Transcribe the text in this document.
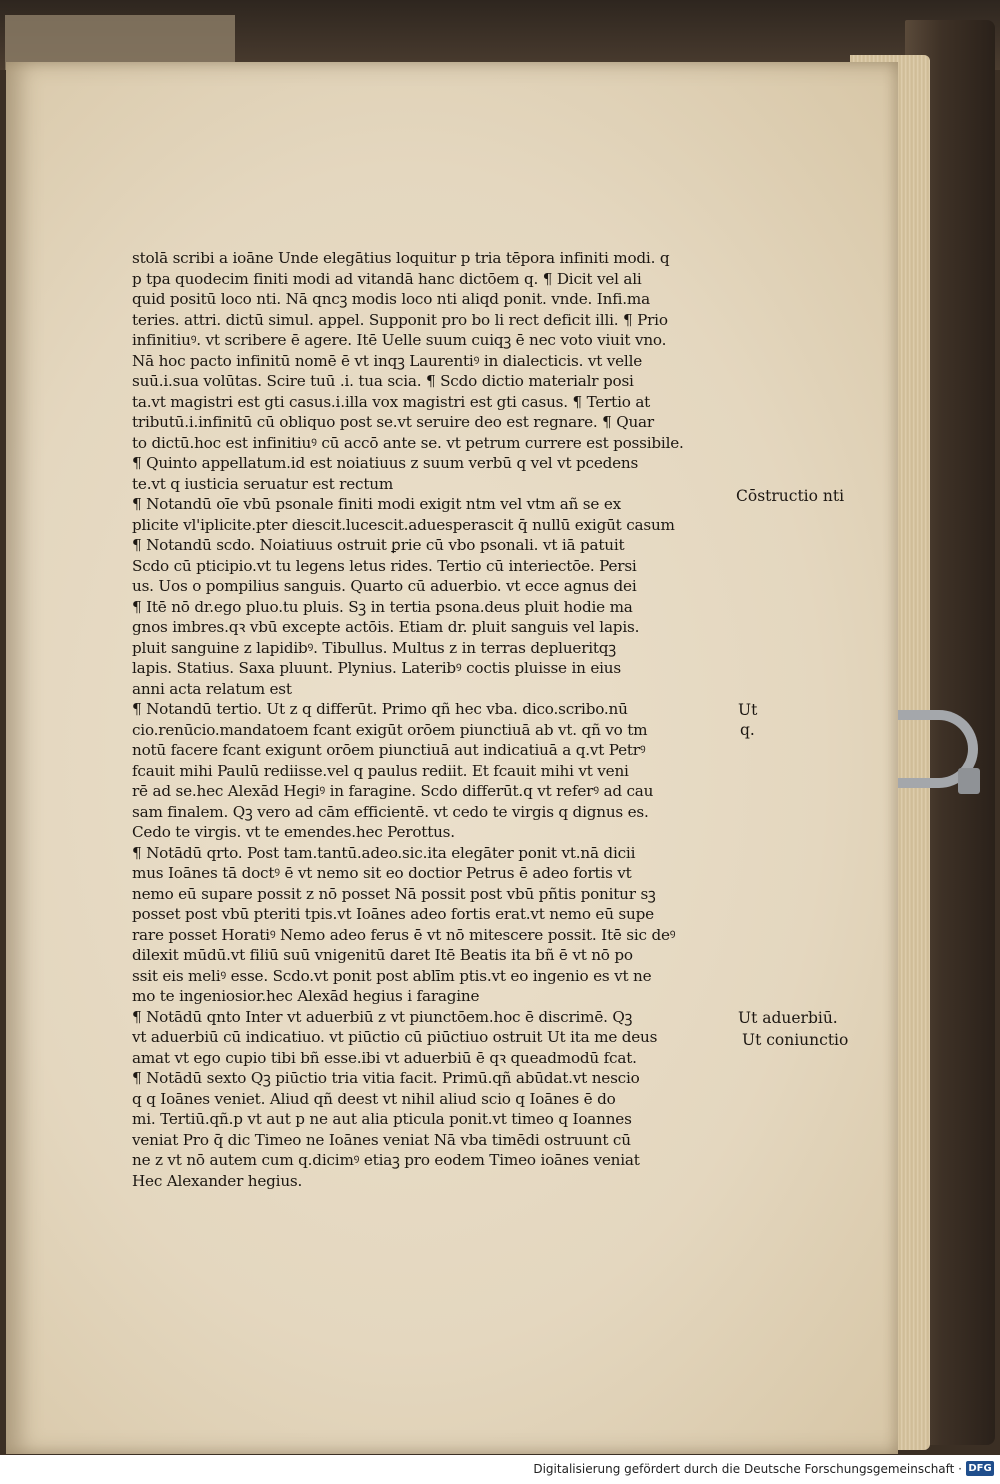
stolā scribi a ioāne Unde elegātius loquitur p tria tēpora infiniti modi. q
p tpa quodecim finiti modi ad vitandā hanc dictōem q. ¶ Dicit vel ali
quid positū loco nti. Nā qncꝫ modis loco nti aliqd ponit. vnde. Infi.ma
teries. attri. dictū simul. appel. Supponit pro bo li rect deficit illi. ¶ Prio
infinitiuꝰ. vt scribere ē agere. Itē Uelle suum cuiqꝫ ē nec voto viuit vno.
Nā hoc pacto infinitū nomē ē vt inqꝫ Laurentiꝰ in dialecticis. vt velle
suū.i.sua volūtas. Scire tuū .i. tua scia. ¶ Scdo dictio materialr posi
ta.vt magistri est gti casus.i.illa vox magistri est gti casus. ¶ Tertio at
tributū.i.infinitū cū obliquo post se.vt seruire deo est regnare. ¶ Quar
to dictū.hoc est infinitiuꝰ cū accō ante se. vt petrum currere est possibile.
¶ Quinto appellatum.id est noiatiuus z suum verbū q vel vt pcedens
te.vt q iusticia seruatur est rectum
¶ Notandū oīe vbū psonale finiti modi exigit ntm vel vtm añ se ex
plicite vl'iplicite.pter diescit.lucescit.aduesperascit q̄ nullū exigūt casum
¶ Notandū scdo. Noiatiuus ostruit ꝑrie cū vbo psonali. vt iā patuit
Scdo cū pticipio.vt tu legens letus rides. Tertio cū interiectōe. Persi
us. Uos o pompilius sanguis. Quarto cū aduerbio. vt ecce agnus dei
¶ Itē nō dr.ego pluo.tu pluis. Sꝫ in tertia psona.deus pluit hodie ma
gnos imbres.qꝛ vbū excepte actōis. Etiam dr. pluit sanguis vel lapis.
pluit sanguine z lapidibꝰ. Tibullus. Multus z in terras deplueritqꝫ
lapis. Statius. Saxa pluunt. Plynius. Lateribꝰ coctis pluisse in eius
anni acta relatum est
¶ Notandū tertio. Ut z q differūt. Primo qñ hec vba. dico.scribo.nū
cio.renūcio.mandatoem fcant exigūt orōem piunctiuā ab vt. qñ vo tm
notū facere fcant exigunt orōem piunctiuā aut indicatiuā a q.vt Petrꝰ
fcauit mihi Paulū rediisse.vel q paulus rediit. Et fcauit mihi vt veni
rē ad se.hec Alexād Hegiꝰ in faragine. Scdo differūt.q vt referꝰ ad cau
sam finalem. Qꝫ vero ad cām efficientē. vt cedo te virgis q dignus es.
Cedo te virgis. vt te emendes.hec Perottus.
¶ Notādū qrto. Post tam.tantū.adeo.sic.ita elegāter ponit vt.nā dicii
mus Ioānes tā doctꝰ ē vt nemo sit eo doctior Petrus ē adeo fortis vt
nemo eū supare possit z nō posset Nā possit post vbū pñtis ponitur sꝫ
posset post vbū pteriti tpis.vt Ioānes adeo fortis erat.vt nemo eū supe
rare posset Horatiꝰ Nemo adeo ferus ē vt nō mitescere possit. Itē sic deꝰ
dilexit mūdū.vt filiū suū vnigenitū daret Itē Beatis ita bñ ē vt nō po
ssit eis meliꝰ esse. Scdo.vt ponit post ablīm ptis.vt eo ingenio es vt ne
mo te ingeniosior.hec Alexād hegius i faragine
¶ Notādū qnto Inter vt aduerbiū z vt piunctōem.hoc ē discrimē. Qꝫ
vt aduerbiū cū indicatiuo. vt piūctio cū piūctiuo ostruit Ut ita me deus
amat vt ego cupio tibi bñ esse.ibi vt aduerbiū ē qꝛ queadmodū fcat.
¶ Notādū sexto Qꝫ piūctio tria vitia facit. Primū.qñ abūdat.vt nescio
q q Ioānes veniet. Aliud qñ deest vt nihil aliud scio q Ioānes ē do
mi. Tertiū.qñ.p vt aut p ne aut alia pticula ponit.vt timeo q Ioannes
veniat Pro q̄ dic Timeo ne Ioānes veniat Nā vba timēdi ostruunt cū
ne z vt nō autem cum q.dicimꝰ etiaꝫ pro eodem Timeo ioānes veniat
Hec Alexander hegius.
Cōstructio nti
Ut
q.
Ut aduerbiū.
Ut coniunctio
Digitalisierung gefördert durch die Deutsche Forschungsgemeinschaft · DFG
